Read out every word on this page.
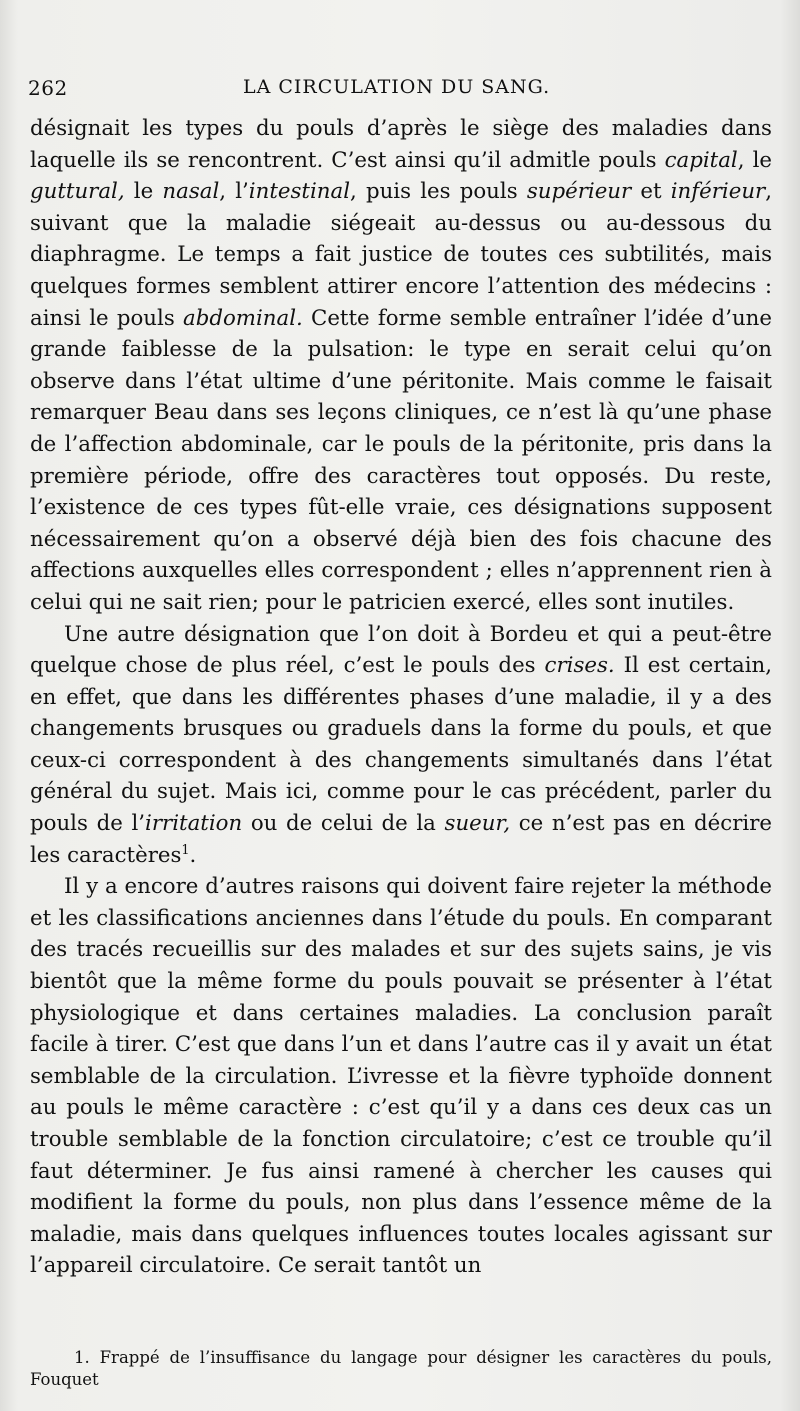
262	LA CIRCULATION DU SANG.

désignait les types du pouls d’après le siège des maladies dans laquelle ils se rencontrent. C’est ainsi qu’il admitle pouls capital, le guttural, le nasal, l’intestinal, puis les pouls supérieur et inférieur, suivant que la maladie siégeait au-dessus ou au-dessous du diaphragme. Le temps a fait justice de toutes ces subtilités, mais quelques formes semblent attirer encore l’attention des médecins : ainsi le pouls abdominal. Cette forme semble entraîner l’idée d’une grande faiblesse de la pulsation: le type en serait celui qu’on observe dans l’état ultime d’une péritonite. Mais comme le faisait remarquer Beau dans ses leçons cliniques, ce n’est là qu’une phase de l’affection abdominale, car le pouls de la péritonite, pris dans la première période, offre des caractères tout opposés. Du reste, l’existence de ces types fût-elle vraie, ces désignations supposent nécessairement qu’on a observé déjà bien des fois chacune des affections auxquelles elles correspondent ; elles n’apprennent rien à celui qui ne sait rien; pour le patricien exercé, elles sont inutiles.

Une autre désignation que l’on doit à Bordeu et qui a peut-être quelque chose de plus réel, c’est le pouls des crises. Il est certain, en effet, que dans les différentes phases d’une maladie, il y a des changements brusques ou graduels dans la forme du pouls, et que ceux-ci correspondent à des changements simultanés dans l’état général du sujet. Mais ici, comme pour le cas précédent, parler du pouls de l’irritation ou de celui de la sueur, ce n’est pas en décrire les caractères$^1$.

Il y a encore d’autres raisons qui doivent faire rejeter la méthode et les classifications anciennes dans l’étude du pouls. En comparant des tracés recueillis sur des malades et sur des sujets sains, je vis bientôt que la même forme du pouls pouvait se présenter à l’état physiologique et dans certaines maladies. La conclusion paraît facile à tirer. C’est que dans l’un et dans l’autre cas il y avait un état semblable de la circulation. L’ivresse et la fièvre typhoïde donnent au pouls le même caractère : c’est qu’il y a dans ces deux cas un trouble semblable de la fonction circulatoire; c’est ce trouble qu’il faut déterminer. Je fus ainsi ramené à chercher les causes qui modifient la forme du pouls, non plus dans l’essence même de la maladie, mais dans quelques influences toutes locales agissant sur l’appareil circulatoire. Ce serait tantôt un

1. Frappé de l’insuffisance du langage pour désigner les caractères du pouls, Fouquet
